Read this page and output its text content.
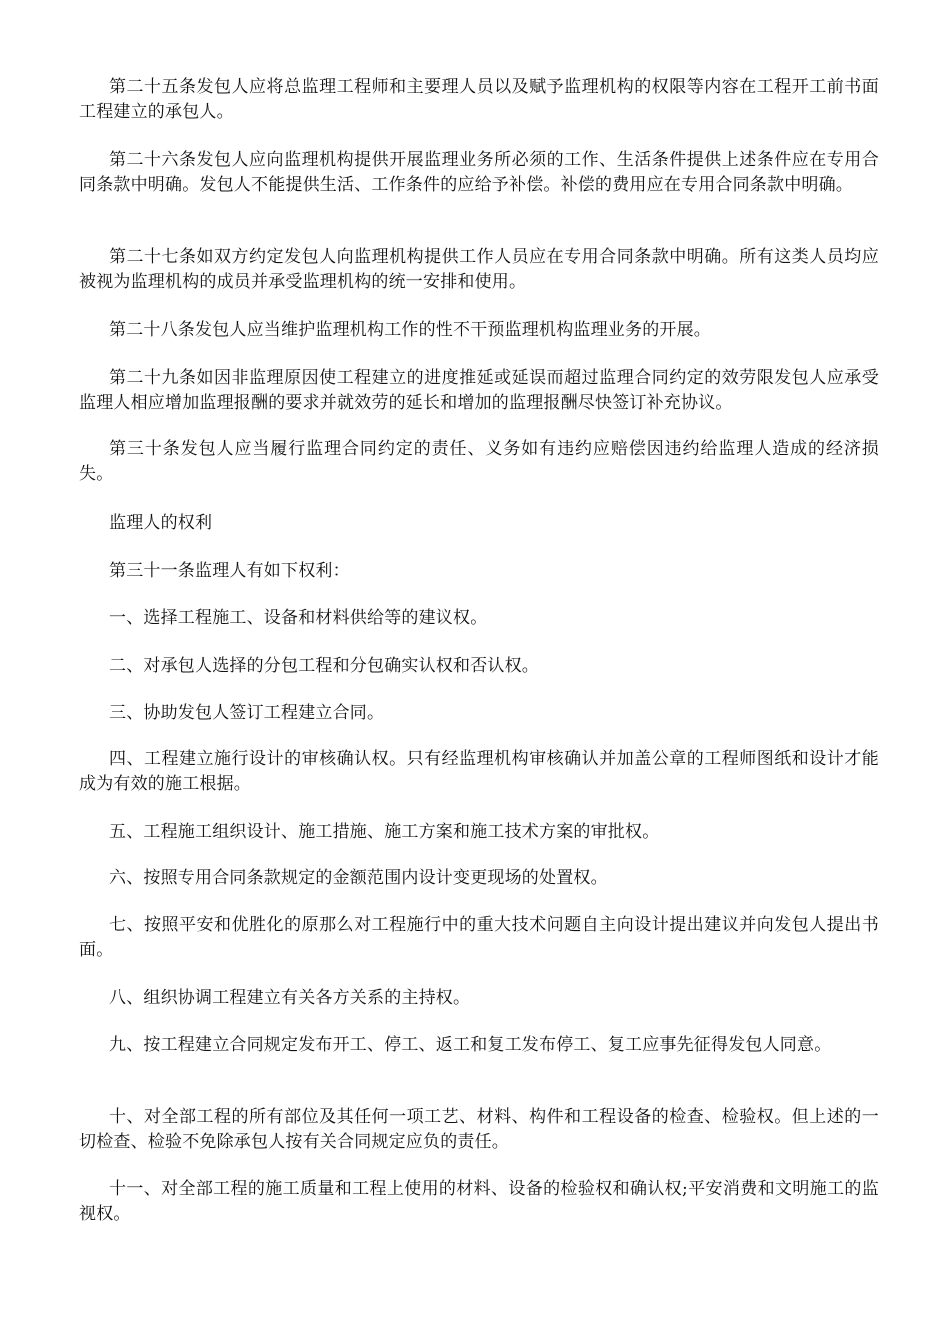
第二十五条发包人应将总监理工程师和主要理人员以及赋予监理机构的权限等内容在工程开工前书面工程建立的承包人。

第二十六条发包人应向监理机构提供开展监理业务所必须的工作、生活条件提供上述条件应在专用合同条款中明确。发包人不能提供生活、工作条件的应给予补偿。补偿的费用应在专用合同条款中明确。

第二十七条如双方约定发包人向监理机构提供工作人员应在专用合同条款中明确。所有这类人员均应被视为监理机构的成员并承受监理机构的统一安排和使用。

第二十八条发包人应当维护监理机构工作的性不干预监理机构监理业务的开展。

第二十九条如因非监理原因使工程建立的进度推延或延误而超过监理合同约定的效劳限发包人应承受监理人相应增加监理报酬的要求并就效劳的延长和增加的监理报酬尽快签订补充协议。

第三十条发包人应当履行监理合同约定的责任、义务如有违约应赔偿因违约给监理人造成的经济损失。

监理人的权利

第三十一条监理人有如下权利：

一、选择工程施工、设备和材料供给等的建议权。

二、对承包人选择的分包工程和分包确实认权和否认权。

三、协助发包人签订工程建立合同。

四、工程建立施行设计的审核确认权。只有经监理机构审核确认并加盖公章的工程师图纸和设计才能成为有效的施工根据。

五、工程施工组织设计、施工措施、施工方案和施工技术方案的审批权。

六、按照专用合同条款规定的金额范围内设计变更现场的处置权。

七、按照平安和优胜化的原那么对工程施行中的重大技术问题自主向设计提出建议并向发包人提出书面。

八、组织协调工程建立有关各方关系的主持权。

九、按工程建立合同规定发布开工、停工、返工和复工发布停工、复工应事先征得发包人同意。

十、对全部工程的所有部位及其任何一项工艺、材料、构件和工程设备的检查、检验权。但上述的一切检查、检验不免除承包人按有关合同规定应负的责任。

十一、对全部工程的施工质量和工程上使用的材料、设备的检验权和确认权;平安消费和文明施工的监视权。
